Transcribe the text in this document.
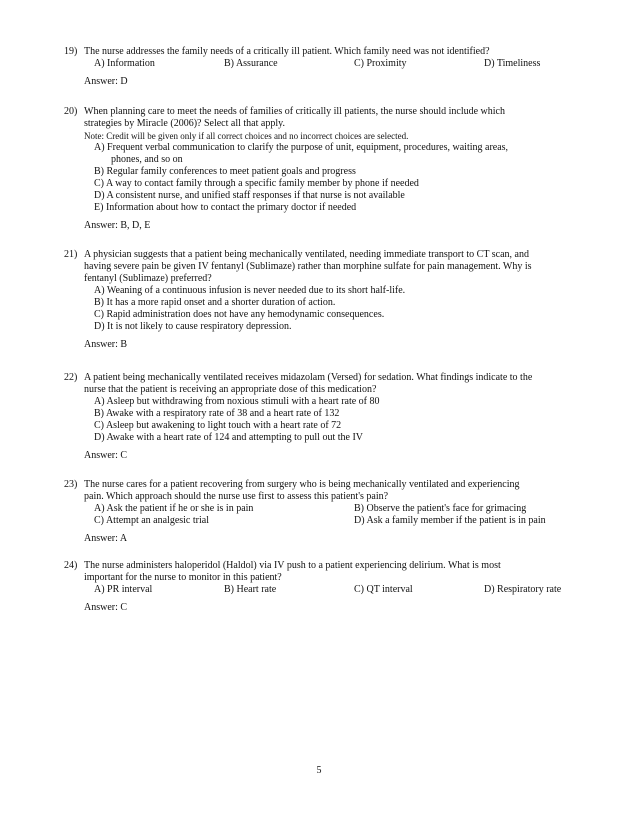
19) The nurse addresses the family needs of a critically ill patient. Which family need was not identified?
A) Information	B) Assurance	C) Proximity	D) Timeliness
Answer: D
20) When planning care to meet the needs of families of critically ill patients, the nurse should include which
strategies by Miracle (2006)? Select all that apply.
Note: Credit will be given only if all correct choices and no incorrect choices are selected.
A) Frequent verbal communication to clarify the purpose of unit, equipment, procedures, waiting areas,
phones, and so on
B) Regular family conferences to meet patient goals and progress
C) A way to contact family through a specific family member by phone if needed
D) A consistent nurse, and unified staff responses if that nurse is not available
E) Information about how to contact the primary doctor if needed
Answer: B, D, E
21) A physician suggests that a patient being mechanically ventilated, needing immediate transport to CT scan, and
having severe pain be given IV fentanyl (Sublimaze) rather than morphine sulfate for pain management. Why is
fentanyl (Sublimaze) preferred?
A) Weaning of a continuous infusion is never needed due to its short half-life.
B) It has a more rapid onset and a shorter duration of action.
C) Rapid administration does not have any hemodynamic consequences.
D) It is not likely to cause respiratory depression.
Answer: B
22) A patient being mechanically ventilated receives midazolam (Versed) for sedation. What findings indicate to the
nurse that the patient is receiving an appropriate dose of this medication?
A) Asleep but withdrawing from noxious stimuli with a heart rate of 80
B) Awake with a respiratory rate of 38 and a heart rate of 132
C) Asleep but awakening to light touch with a heart rate of 72
D) Awake with a heart rate of 124 and attempting to pull out the IV
Answer: C
23) The nurse cares for a patient recovering from surgery who is being mechanically ventilated and experiencing
pain. Which approach should the nurse use first to assess this patient's pain?
A) Ask the patient if he or she is in pain	B) Observe the patient's face for grimacing
C) Attempt an analgesic trial	D) Ask a family member if the patient is in pain
Answer: A
24) The nurse administers haloperidol (Haldol) via IV push to a patient experiencing delirium. What is most
important for the nurse to monitor in this patient?
A) PR interval	B) Heart rate	C) QT interval	D) Respiratory rate
Answer: C
5
